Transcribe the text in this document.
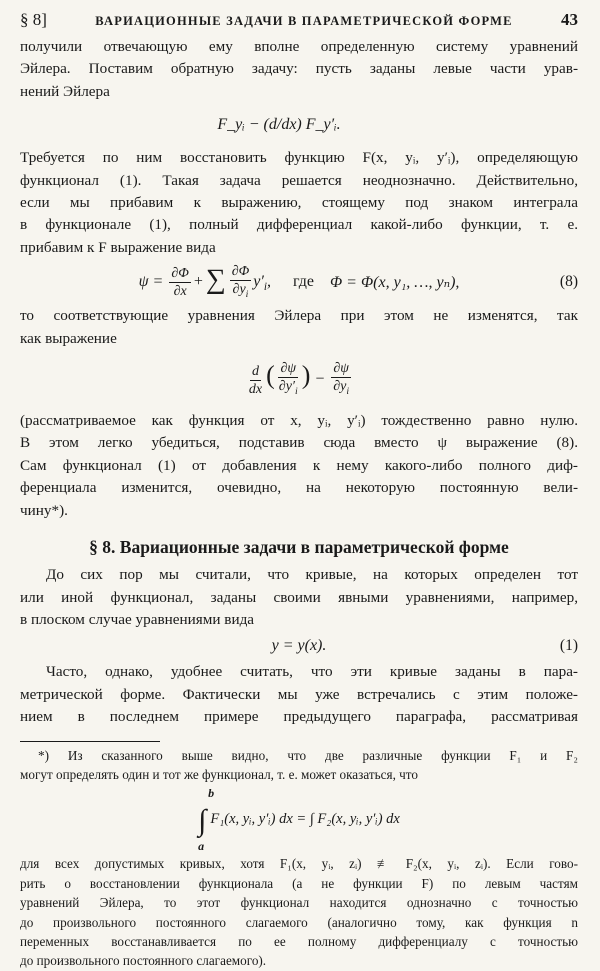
§ 8]	ВАРИАЦИОННЫЕ ЗАДАЧИ В ПАРАМЕТРИЧЕСКОЙ ФОРМЕ	43

получили отвечающую ему вполне определенную систему уравнений

Эйлера. Поставим обратную задачу: пусть заданы левые части урав-

нений Эйлера

F_yᵢ − (d/dx) F_y′ᵢ.

Требуется по ним восстановить функцию F(x, yᵢ, y′ᵢ), определяющую

функционал (1). Такая задача решается неоднозначно. Действительно,

если мы прибавим к выражению, стоящему под знаком интеграла

в функционале (1), полный дифференциал какой-либо функции, т. е.

прибавим к F выражение вида

$\psi = \frac{\partial\Phi}{\partial x}$ +∑ $\frac{\partial\Phi}{\partial y_i} y'_i$, где Φ = Φ(x, y₁, …, yₙ),	(8)

то соответствующие уравнения Эйлера при этом не изменятся, так

как выражение

$\frac{d}{dx}$ ( $\frac{\partial\psi}{\partial y'_i}$ ) − $\frac{\partial\psi}{\partial y_i}$

(рассматриваемое как функция от x, yᵢ, y′ᵢ) тождественно равно нулю.

В этом легко убедиться, подставив сюда вместо ψ выражение (8).

Сам функционал (1) от добавления к нему какого-либо полного диф-

ференциала изменится, очевидно, на некоторую постоянную вели-

чину*).

§ 8. Вариационные задачи в параметрической форме

До сих пор мы считали, что кривые, на которых определен тот

или иной функционал, заданы своими явными уравнениями, например,

в плоском случае уравнениями вида

y = y(x).	(1)

Часто, однако, удобнее считать, что эти кривые заданы в пара-

метрической форме. Фактически мы уже встречались с этим положе-

нием в последнем примере предыдущего параграфа, рассматривая

*) Из сказанного выше видно, что две различные функции F₁ и F₂

могут определять один и тот же функционал, т. е. может оказаться, что

b
∫
a
F₁(x, yᵢ, y′ᵢ) dx = ∫ F₂(x, yᵢ, y′ᵢ) dx

для всех допустимых кривых, хотя F₁(x, yᵢ, zᵢ) ≢ F₂(x, yᵢ, zᵢ). Если гово-

рить о восстановлении функционала (а не функции F) по левым частям

уравнений Эйлера, то этот функционал находится однозначно с точностью

до произвольного постоянного слагаемого (аналогично тому, как функция n

переменных восстанавливается по ее полному дифференциалу с точностью

до произвольного постоянного слагаемого).
